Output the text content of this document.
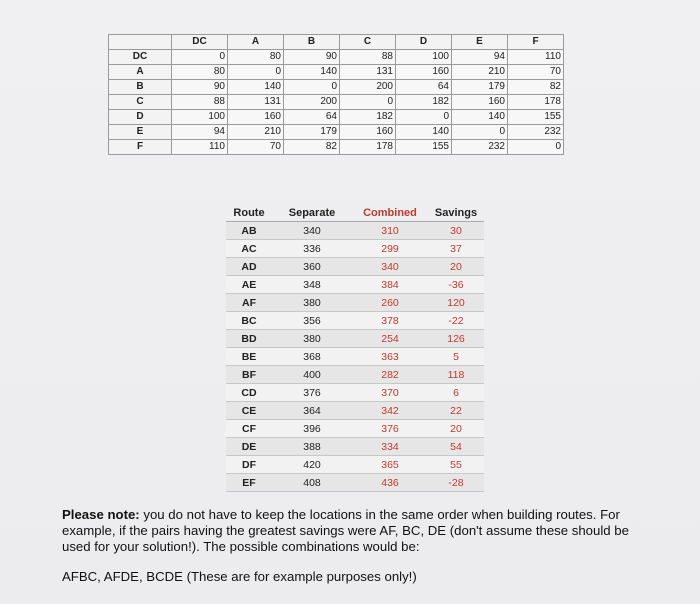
	DC	A	B	C	D	E	F
DC	0	80	90	88	100	94	110
A	80	0	140	131	160	210	70
B	90	140	0	200	64	179	82
C	88	131	200	0	182	160	178
D	100	160	64	182	0	140	155
E	94	210	179	160	140	0	232
F	110	70	82	178	155	232	0
Route	Separate	Combined	Savings
AB	340	310	30
AC	336	299	37
AD	360	340	20
AE	348	384	-36
AF	380	260	120
BC	356	378	-22
BD	380	254	126
BE	368	363	5
BF	400	282	118
CD	376	370	6
CE	364	342	22
CF	396	376	20
DE	388	334	54
DF	420	365	55
EF	408	436	-28
Please note: you do not have to keep the locations in the same order when building routes. For example, if the pairs having the greatest savings were AF, BC, DE (don't assume these should be used for your solution!). The possible combinations would be:
AFBC, AFDE, BCDE (These are for example purposes only!)
